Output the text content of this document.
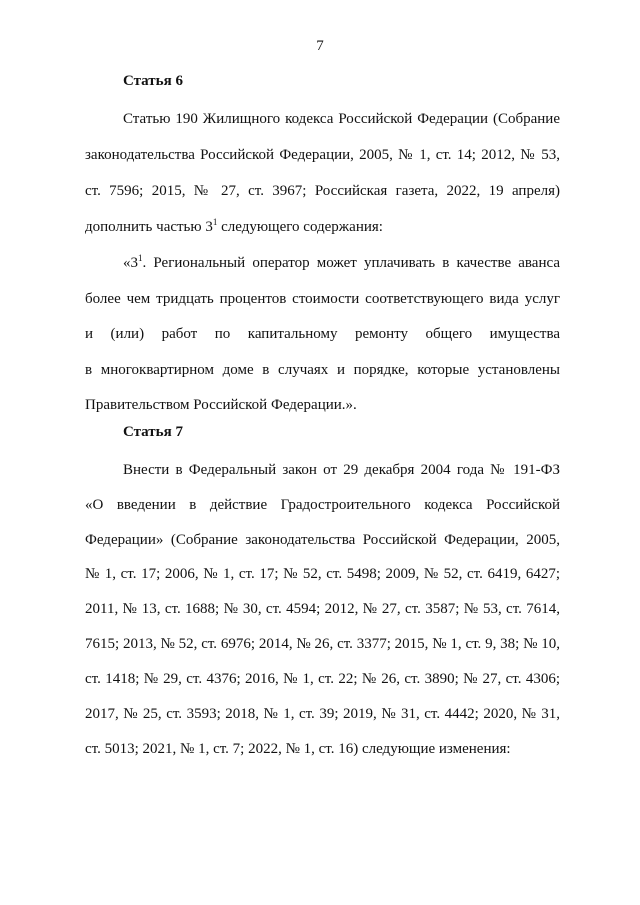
7
Статья 6
Статью 190 Жилищного кодекса Российской Федерации (Собрание
законодательства Российской Федерации, 2005, № 1, ст. 14; 2012, № 53,
ст. 7596; 2015, № 27, ст. 3967; Российская газета, 2022, 19 апреля)
дополнить частью $3^1$ следующего содержания:
«$3^1$. Региональный оператор может уплачивать в качестве аванса
более чем тридцать процентов стоимости соответствующего вида услуг
и (или) работ по капитальному ремонту общего имущества
в многоквартирном доме в случаях и порядке, которые установлены
Правительством Российской Федерации.».
Статья 7
Внести в Федеральный закон от 29 декабря 2004 года № 191-ФЗ
«О введении в действие Градостроительного кодекса Российской
Федерации» (Собрание законодательства Российской Федерации, 2005,
№ 1, ст. 17; 2006, № 1, ст. 17; № 52, ст. 5498; 2009, № 52, ст. 6419, 6427;
2011, № 13, ст. 1688; № 30, ст. 4594; 2012, № 27, ст. 3587; № 53, ст. 7614,
7615; 2013, № 52, ст. 6976; 2014, № 26, ст. 3377; 2015, № 1, ст. 9, 38; № 10,
ст. 1418; № 29, ст. 4376; 2016, № 1, ст. 22; № 26, ст. 3890; № 27, ст. 4306;
2017, № 25, ст. 3593; 2018, № 1, ст. 39; 2019, № 31, ст. 4442; 2020, № 31,
ст. 5013; 2021, № 1, ст. 7; 2022, № 1, ст. 16) следующие изменения:
